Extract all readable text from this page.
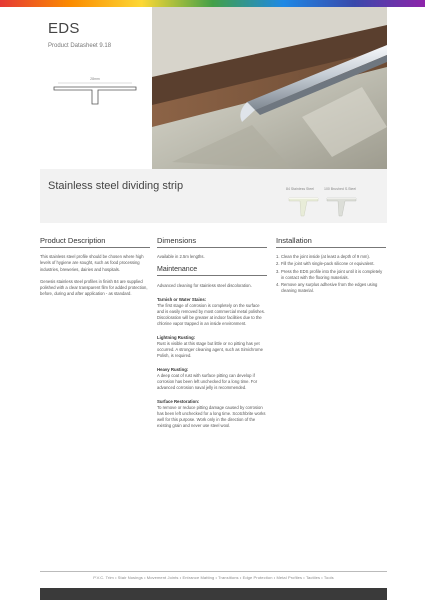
EDS
Product Datasheet 9.18
28mm
Stainless steel dividing strip	84 Stainless Steel	100 Brushed S.Steel
Product Description

This stainless steel profile should be chosen where high levels of hygiene are sought, such as food processing industries, breweries, dairies and hospitals.

Genesis stainless steel profiles in finish 84 are supplied polished with a clear transparent film for added protection, before, during and after application - as standard.

Dimensions

Available in 2.5m lengths.

Maintenance

Advanced cleaning for stainless steel discoloration.

Tarnish or Water Stains:

The first stage of corrosion is completely on the surface and is easily removed by most commercial metal polishes. Discoloration will be greater at indoor facilities due to the chlorine vapor trapped in an inside environment.

Lightning Rusting:

Rust is visible at this stage but little or no pitting has yet occurred. A stronger cleaning agent, such as Simichrome Polish, is required.

Heavy Rusting:

A deep coat of rust with surface pitting can develop if corrosion has been left unchecked for a long time. For advanced corrosion naval jelly is recommended.

Surface Restoration:

To remove or reduce pitting damage caused by corrosion has been left unchecked for a long time. Scotchbrite works well for this purpose. Work only in the direction of the existing grain and never use steel wool.

Installation
1. Clean the joint inside (at least a depth of 9 mm).
2. Fill the joint with single-pack silicone or equivalent.
3. Press the EDS profile into the joint until it is completely in contact with the flooring materials.
4. Remove any surplus adhesive from the edges using cleaning material.
P.V.C. Trim • Stair Nosings • Movement Joints • Entrance Matting • Transitions • Edge Protection • Metal Profiles • Tactiles • Tools
